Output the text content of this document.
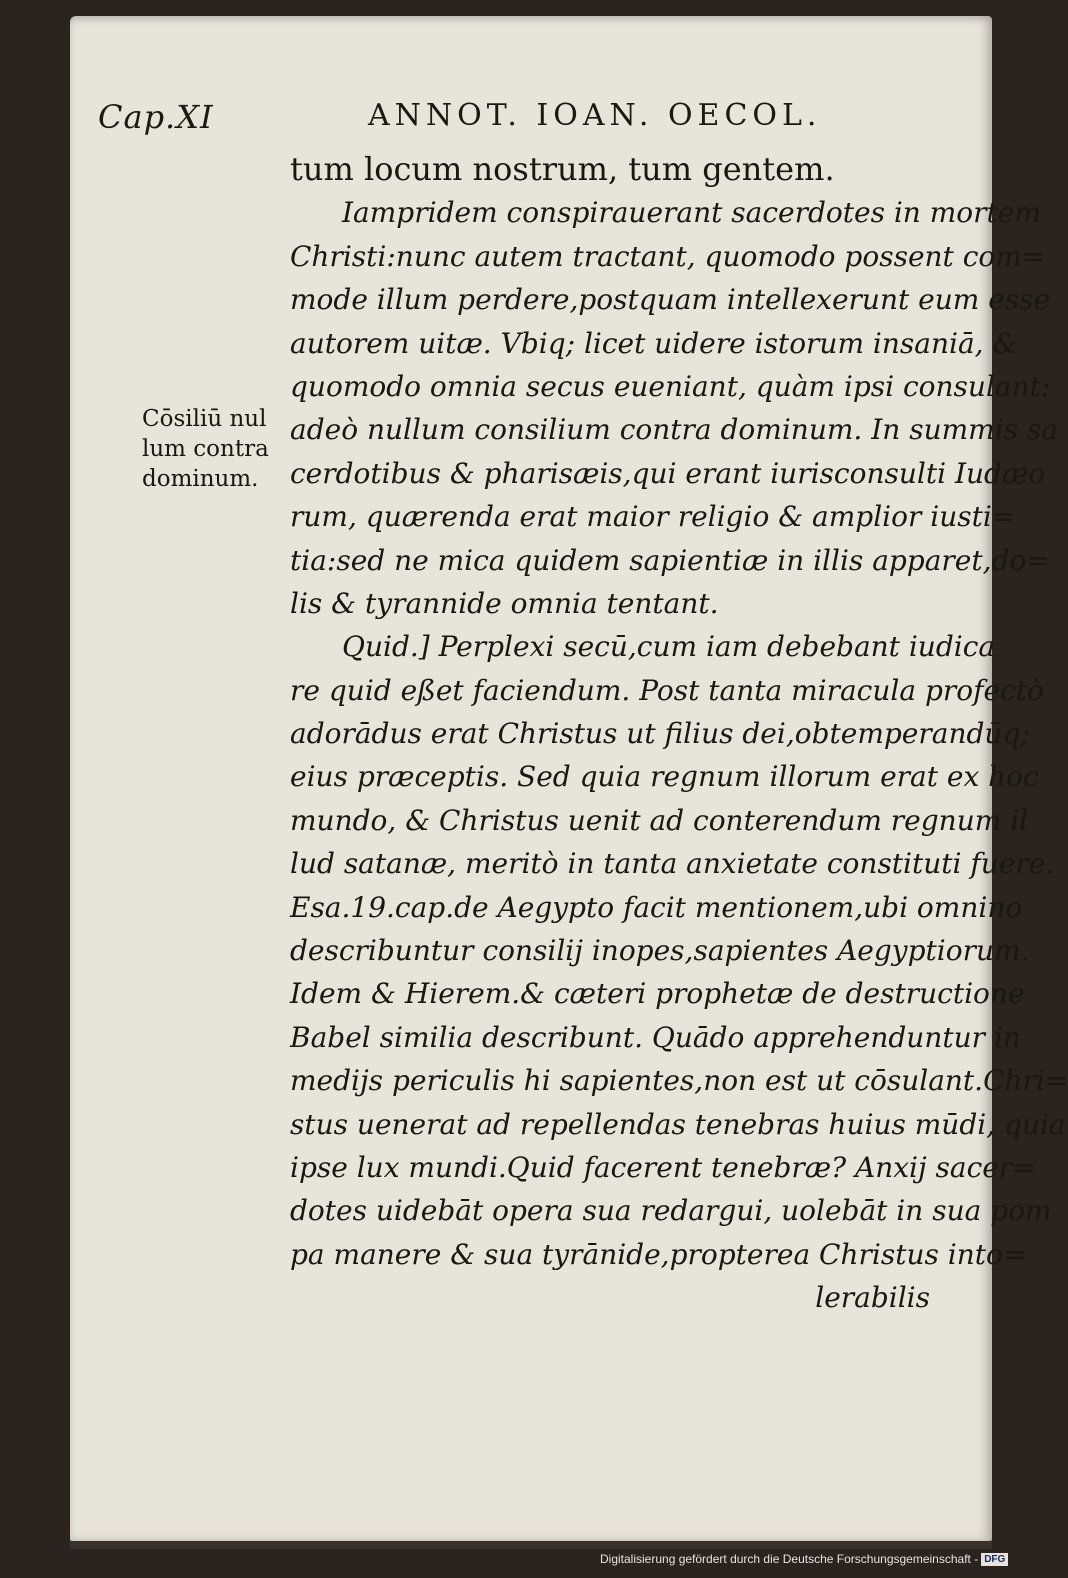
Cap.XI	ANNOT. IOAN. OECOL.
Cōsiliū nul
lum contra
dominum.
tum locum nostrum, tum gentem.
Iampridem conspirauerant sacerdotes in mortem
Christi:nunc autem tractant, quomodo possent com=
mode illum perdere,postquam intellexerunt eum esse
autorem uitæ. Vbiq; licet uidere istorum insaniā, &
quomodo omnia secus eueniant, quàm ipsi consulant:
adeò nullum consilium contra dominum. In summis sa
cerdotibus & pharisæis,qui erant iurisconsulti Iudæo
rum, quærenda erat maior religio & amplior iusti=
tia:sed ne mica quidem sapientiæ in illis apparet,do=
lis & tyrannide omnia tentant.
Quid.] Perplexi secū,cum iam debebant iudica
re quid eßet faciendum. Post tanta miracula profectò
adorādus erat Christus ut filius dei,obtemperandūq;
eius præceptis. Sed quia regnum illorum erat ex hoc
mundo, & Christus uenit ad conterendum regnum il
lud satanæ, meritò in tanta anxietate constituti fuere.
Esa.19.cap.de Aegypto facit mentionem,ubi omnino
describuntur consilij inopes,sapientes Aegyptiorum.
Idem & Hierem.& cæteri prophetæ de destructione
Babel similia describunt. Quādo apprehenduntur in
medijs periculis hi sapientes,non est ut cōsulant.Chri=
stus uenerat ad repellendas tenebras huius mūdi, quia
ipse lux mundi.Quid facerent tenebræ? Anxij sacer=
dotes uidebāt opera sua redargui, uolebāt in sua pom
pa manere & sua tyrānide,propterea Christus into=
lerabilis
Digitalisierung gefördert durch die Deutsche Forschungsgemeinschaft - DFG
